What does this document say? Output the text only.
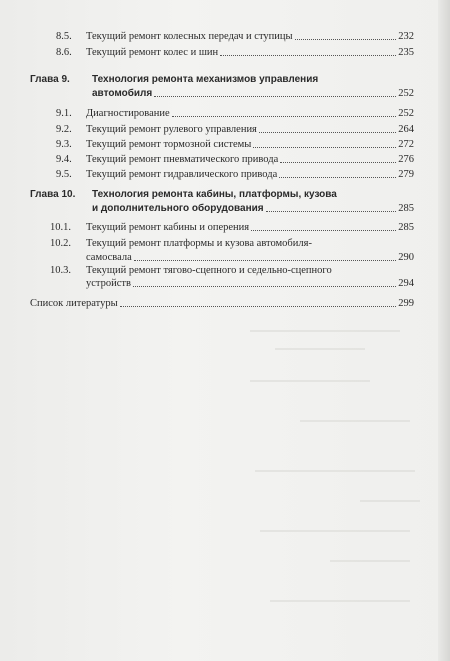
8.5. Текущий ремонт колесных передач и ступицы	232
8.6. Текущий ремонт колес и шин	235
Глава 9. Технология ремонта механизмов управления
автомобиля	252
9.1. Диагностирование	252
9.2. Текущий ремонт рулевого управления	264
9.3. Текущий ремонт тормозной системы	272
9.4. Текущий ремонт пневматического привода	276
9.5. Текущий ремонт гидравлического привода	279
Глава 10. Технология ремонта кабины, платформы, кузова
и дополнительного оборудования	285
10.1. Текущий ремонт кабины и оперения	285
10.2. Текущий ремонт платформы и кузова автомобиля-
самосвала	290
10.3. Текущий ремонт тягово-сцепного и седельно-сцепного
устройств	294
Список литературы	299
